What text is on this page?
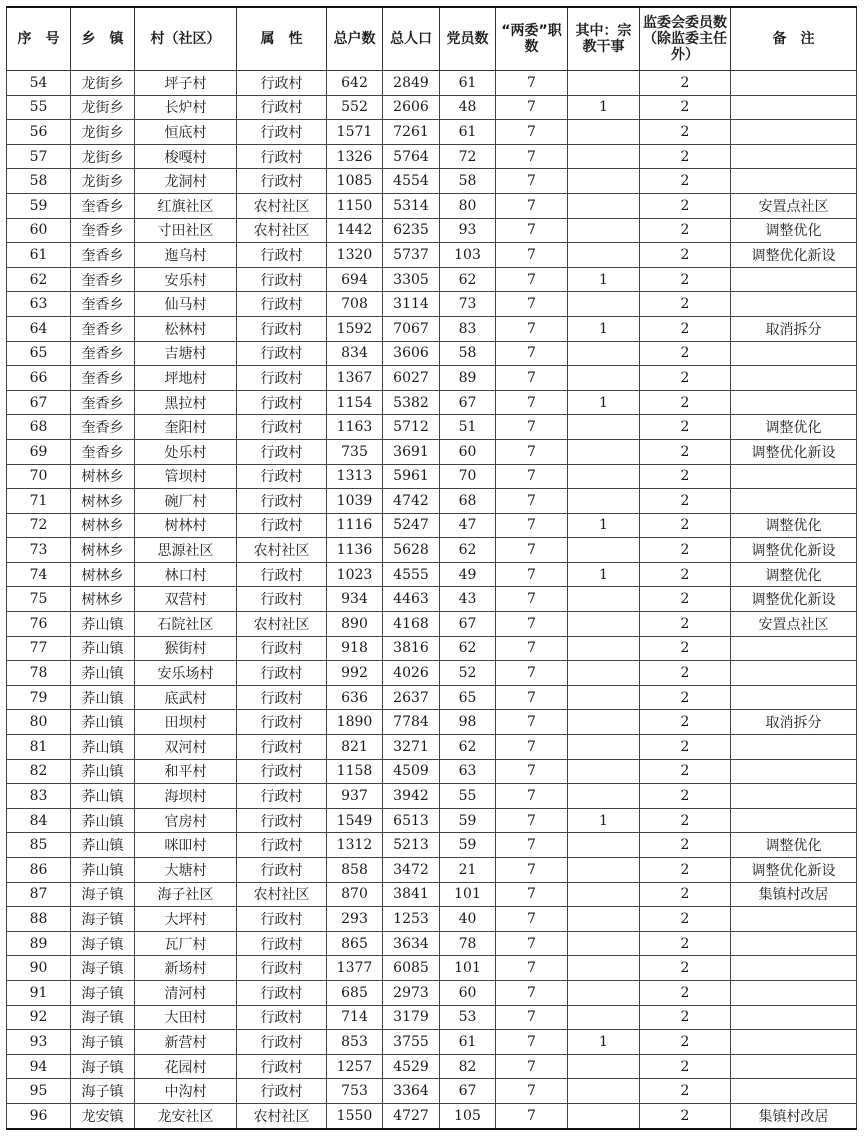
序　号	乡　镇	村（社区）	属　性	总户数	总人口	党员数	“两委”职数	其中：宗教干事	监委会委员数（除监委主任外）	备　注
54	龙街乡	坪子村	行政村	642	2849	61	7		2	
55	龙街乡	长炉村	行政村	552	2606	48	7	1	2	
56	龙街乡	恒底村	行政村	1571	7261	61	7		2	
57	龙街乡	梭嘎村	行政村	1326	5764	72	7		2	
58	龙街乡	龙洞村	行政村	1085	4554	58	7		2	
59	奎香乡	红旗社区	农村社区	1150	5314	80	7		2	安置点社区
60	奎香乡	寸田社区	农村社区	1442	6235	93	7		2	调整优化
61	奎香乡	迤乌村	行政村	1320	5737	103	7		2	调整优化新设
62	奎香乡	安乐村	行政村	694	3305	62	7	1	2	
63	奎香乡	仙马村	行政村	708	3114	73	7		2	
64	奎香乡	松林村	行政村	1592	7067	83	7	1	2	取消拆分
65	奎香乡	吉塘村	行政村	834	3606	58	7		2	
66	奎香乡	坪地村	行政村	1367	6027	89	7		2	
67	奎香乡	黑拉村	行政村	1154	5382	67	7	1	2	
68	奎香乡	奎阳村	行政村	1163	5712	51	7		2	调整优化
69	奎香乡	处乐村	行政村	735	3691	60	7		2	调整优化新设
70	树林乡	管坝村	行政村	1313	5961	70	7		2	
71	树林乡	碗厂村	行政村	1039	4742	68	7		2	
72	树林乡	树林村	行政村	1116	5247	47	7	1	2	调整优化
73	树林乡	思源社区	农村社区	1136	5628	62	7		2	调整优化新设
74	树林乡	林口村	行政村	1023	4555	49	7	1	2	调整优化
75	树林乡	双营村	行政村	934	4463	43	7		2	调整优化新设
76	荞山镇	石院社区	农村社区	890	4168	67	7		2	安置点社区
77	荞山镇	猴街村	行政村	918	3816	62	7		2	
78	荞山镇	安乐场村	行政村	992	4026	52	7		2	
79	荞山镇	底武村	行政村	636	2637	65	7		2	
80	荞山镇	田坝村	行政村	1890	7784	98	7		2	取消拆分
81	荞山镇	双河村	行政村	821	3271	62	7		2	
82	荞山镇	和平村	行政村	1158	4509	63	7		2	
83	荞山镇	海坝村	行政村	937	3942	55	7		2	
84	荞山镇	官房村	行政村	1549	6513	59	7	1	2	
85	荞山镇	咪吅村	行政村	1312	5213	59	7		2	调整优化
86	荞山镇	大塘村	行政村	858	3472	21	7		2	调整优化新设
87	海子镇	海子社区	农村社区	870	3841	101	7		2	集镇村改居
88	海子镇	大坪村	行政村	293	1253	40	7		2	
89	海子镇	瓦厂村	行政村	865	3634	78	7		2	
90	海子镇	新场村	行政村	1377	6085	101	7		2	
91	海子镇	清河村	行政村	685	2973	60	7		2	
92	海子镇	大田村	行政村	714	3179	53	7		2	
93	海子镇	新营村	行政村	853	3755	61	7	1	2	
94	海子镇	花园村	行政村	1257	4529	82	7		2	
95	海子镇	中沟村	行政村	753	3364	67	7		2	
96	龙安镇	龙安社区	农村社区	1550	4727	105	7		2	集镇村改居
